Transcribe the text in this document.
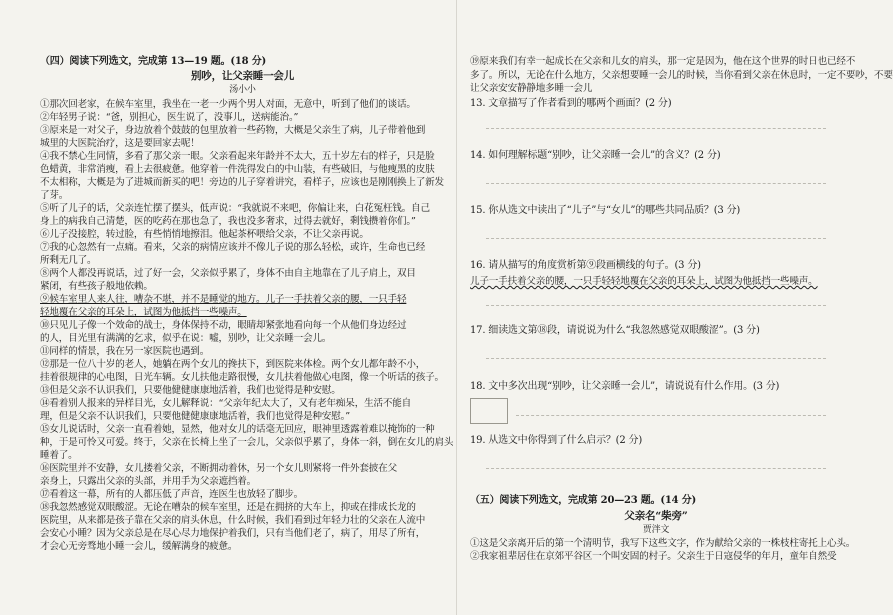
（四）阅读下列选文，完成第 13—19 题。(18 分)
别吵，让父亲睡一会儿
汤小小
①那次回老家，在候车室里，我坐在一老一少两个男人对面，无意中，听到了他们的谈话。
②年轻男子说：“爸，别担心，医生说了，没事儿，送病能治。”
③原来是一对父子，身边放着个鼓鼓的包里放着一些药物，大概是父亲生了病，儿子带着他到
城里的大医院治疗，这是要回家去呢！
④我不禁心生同情，多看了那父亲一眼。父亲看起来年龄并不太大，五十岁左右的样子，只是脸
色蜡黄，非常消瘦，看上去很疲惫。他穿着一件洗得发白的中山装，有些破旧，与他瘦黑的皮肤
不太相称，大概是为了进城而新买的吧！旁边的儿子穿着讲究，看样子，应该也是刚刚换上了新发
了芽。
⑤听了儿子的话，父亲连忙摆了摆头，低声说：“我就说不来吧，你偏让来，白花冤枉钱。自己
身上的病我自己清楚，医的吃药在那也急了，我也没多奢求，过得去就好，剩钱攒着你们。”
⑥儿子没接腔，转过脸，有些悄悄地擦泪。他起茶杯喂给父亲，不让父亲再说。
⑦我的心忽然有一点痛。看来，父亲的病情应该并不像儿子说的那么轻松，或许，生命也已经
所剩无几了。
⑧两个人都没再说话，过了好一会，父亲似乎累了，身体不由自主地靠在了儿子肩上，双目
紧闭，有些孩子般地依赖。
⑨候车室里人来人往，嘈杂不堪，并不是睡觉的地方。儿子一手扶着父亲的腰，一只手轻
轻地覆在父亲的耳朵上，试图为他抵挡一些噪声。
⑩只见儿子像一个效命的战士，身体保持不动，眼睛却紧张地看向每一个从他们身边经过
的人，目光里有满满的乞求，似乎在说：嘘，别吵，让父亲睡一会儿。
⑪同样的情景，我在另一家医院也遇到。
⑫那是一位八十岁的老人，她躺在两个女儿的搀扶下，到医院来体检。两个女儿都年龄不小，
挂着很规律的心电图，日光车辆。女儿扶他走路很慢，女儿扶着他做心电图，像一个听话的孩子。
⑬但是父亲不认识我们，只要他健健康康地活着，我们也觉得是种安慰。
⑭看着别人报来的异样目光，女儿解释说：“父亲年纪太大了，又有老年痴呆，生活不能自
理，但是父亲不认识我们，只要他健健康康地活着，我们也觉得是种安慰。”
⑮女儿说话时，父亲一直看着她，显然，他对女儿的话毫无回应，眼神里透露着难以掩饰的一种
种，于是可怜又可爱。终于，父亲在长椅上坐了一会儿，父亲似乎累了，身体一斜，倒在女儿的肩头
睡着了。
⑯医院里并不安静，女儿搂着父亲，不断拥动着休，另一个女儿则紧将一件外套披在父
亲身上，只露出父亲的头部，并用手为父亲遮挡着。
⑰看着这一幕，所有的人都压低了声音，连医生也放轻了脚步。
⑱我忽然感觉双眼酸涩。无论在嘈杂的候车室里，还是在拥挤的大车上，抑或在排成长龙的
医院里，从来都是孩子靠在父亲的肩头休息，什么时候，我们看到过年轻力壮的父亲在人流中
会安心小睡？因为父亲总是在尽心尽力地保护着我们，只有当他们老了，病了，用尽了所有，
才会心无旁骛地小睡一会儿，缓解满身的疲惫。
⑲原来我们有幸一起成长在父亲和儿女的肩头，那一定是因为，他在这个世界的时日也已经不
多了。所以，无论在什么地方，父亲想要睡一会儿的时候，当你看到父亲在休息时，一定不要吵，不要
让父亲安安静静地多睡一会儿
13. 文章描写了作者看到的哪两个画面？(2 分)
14. 如何理解标题“别吵，让父亲睡一会儿”的含义？(2 分)
15. 你从选文中读出了“儿子”与“女儿”的哪些共同品质？(3 分)
16. 请从描写的角度赏析第⑨段画横线的句子。(3 分)
儿子一手扶着父亲的腰，一只手轻轻地覆在父亲的耳朵上，试图为他抵挡一些噪声。
17. 细读选文第⑱段，请说说为什么“我忽然感觉双眼酸涩”。(3 分)
18. 文中多次出现“别吵，让父亲睡一会儿”，请说说有什么作用。(3 分)
19. 从选文中你得到了什么启示？(2 分)
（五）阅读下列选文，完成第 20—23 题。(14 分)
父亲名“柴旁”
贾泮文
①这是父亲离开后的第一个清明节，我写下这些文字，作为献给父亲的一株枝柱寄托上心头。
②我家祖辈居住在京郊平谷区一个叫安固的村子。父亲生于日寇侵华的年月，童年自然受
